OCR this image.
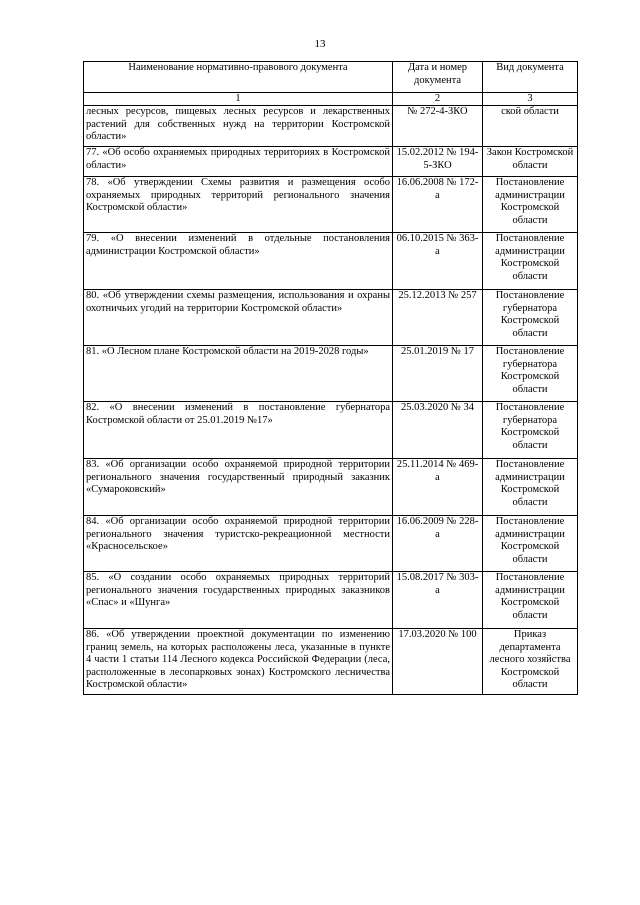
13
Наименование нормативно-правового документа	Дата и номер документа	Вид документа
1	2	3
лесных ресурсов, пищевых лесных ресурсов и лекарственных растений для собственных нужд на территории Костромской области»	№ 272-4-ЗКО	ской области
77. «Об особо охраняемых природных территориях в Костромской области»	15.02.2012 № 194-5-ЗКО	Закон Костромской области
78. «Об утверждении Схемы развития и размещения особо охраняемых природных территорий регионального значения Костромской области»	16.06.2008 № 172-а	Постановление администрации Костромской области
79. «О внесении изменений в отдельные постановления администрации Костромской области»	06.10.2015 № 363-а	Постановление администрации Костромской области
80. «Об утверждении схемы размещения, использования и охраны охотничьих угодий на территории Костромской области»	25.12.2013 № 257	Постановление губернатора Костромской области
81. «О Лесном плане Костромской области на 2019-2028 годы»	25.01.2019 № 17	Постановление губернатора Костромской области
82. «О внесении изменений в постановление губернатора Костромской области от 25.01.2019 №17»	25.03.2020 № 34	Постановление губернатора Костромской области
83. «Об организации особо охраняемой природной территории регионального значения государственный природный заказник «Сумароковский»	25.11.2014 № 469-а	Постановление администрации Костромской области
84. «Об организации особо охраняемой природной территории регионального значения туристско-рекреационной местности «Красносельское»	16.06.2009 № 228-а	Постановление администрации Костромской области
85. «О создании особо охраняемых природных территорий регионального значения государственных природных заказников «Спас» и «Шунга»	15.08.2017 № 303-а	Постановление администрации Костромской области
86. «Об утверждении проектной документации по изменению границ земель, на которых расположены леса, указанные в пункте 4 части 1 статьи 114 Лесного кодекса Российской Федерации (леса, расположенные в лесопарковых зонах) Костромского лесничества Костромской области»	17.03.2020 № 100	Приказ департамента лесного хозяйства Костромской области
